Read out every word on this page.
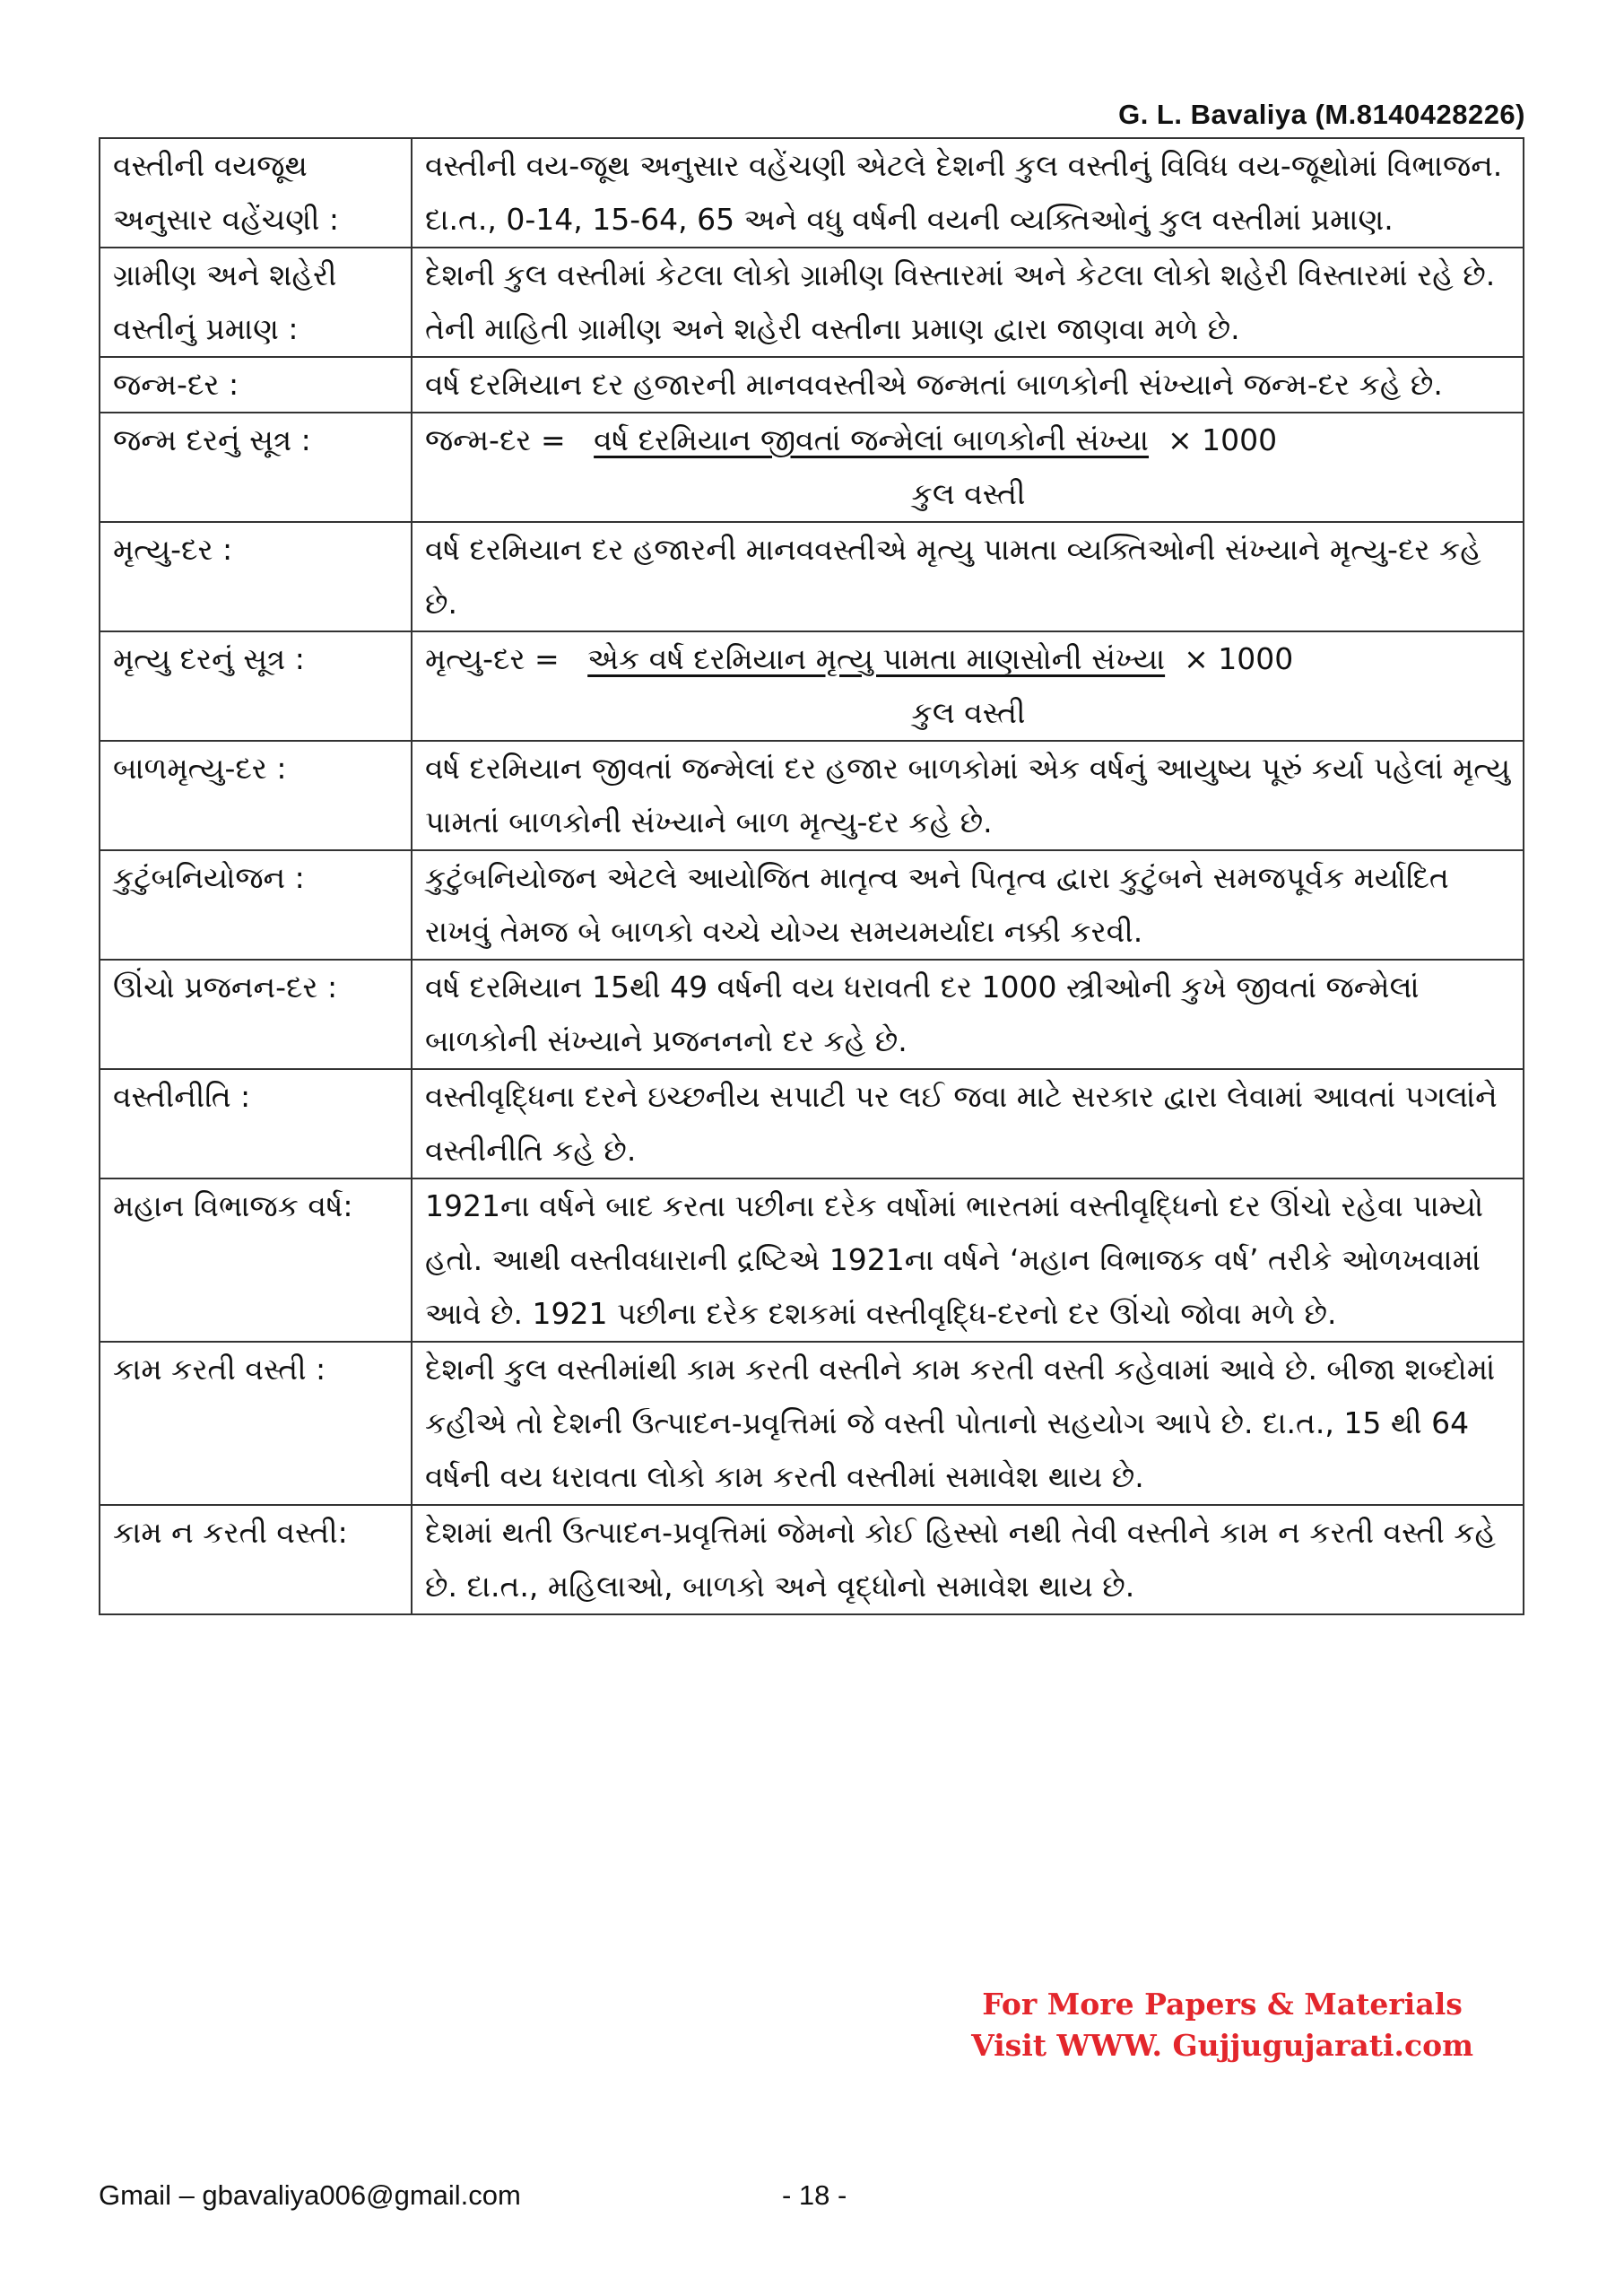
G. L. Bavaliya (M.8140428226)
વસ્તીની વયજૂથ અનુસાર વહેંચણી :	વસ્તીની વય-જૂથ અનુસાર વહેંચણી એટલે દેશની કુલ વસ્તીનું વિવિધ વય-જૂથોમાં વિભાજન. દા.ત., 0-14, 15-64, 65 અને વધુ વર્ષની વયની વ્યક્તિઓનું કુલ વસ્તીમાં પ્રમાણ.
ગ્રામીણ અને શહેરી વસ્તીનું પ્રમાણ :	દેશની કુલ વસ્તીમાં કેટલા લોકો ગ્રામીણ વિસ્તારમાં અને કેટલા લોકો શહેરી વિસ્તારમાં રહે છે. તેની માહિતી ગ્રામીણ અને શહેરી વસ્તીના પ્રમાણ દ્વારા જાણવા મળે છે.
જન્મ-દર :	વર્ષ દરમિયાન દર હજારની માનવવસ્તીએ જન્મતાં બાળકોની સંખ્યાને જન્મ-દર કહે છે.
જન્મ દરનું સૂત્ર :	જન્મ-દર = વર્ષ દરમિયાન જીવતાં જન્મેલાં બાળકોની સંખ્યા × 1000
કુલ વસ્તી

મૃત્યુ-દર :	વર્ષ દરમિયાન દર હજારની માનવવસ્તીએ મૃત્યુ પામતા વ્યક્તિઓની સંખ્યાને મૃત્યુ-દર કહે છે.
મૃત્યુ દરનું સૂત્ર :	મૃત્યુ-દર = એક વર્ષ દરમિયાન મૃત્યુ પામતા માણસોની સંખ્યા × 1000
કુલ વસ્તી

બાળમૃત્યુ-દર :	વર્ષ દરમિયાન જીવતાં જન્મેલાં દર હજાર બાળકોમાં એક વર્ષનું આયુષ્ય પૂરું કર્યા પહેલાં મૃત્યુ પામતાં બાળકોની સંખ્યાને બાળ મૃત્યુ-દર કહે છે.
કુટુંબનિયોજન :	કુટુંબનિયોજન એટલે આયોજિત માતૃત્વ અને પિતૃત્વ દ્વારા કુટુંબને સમજપૂર્વક મર્યાદિત રાખવું તેમજ બે બાળકો વચ્ચે યોગ્ય સમયમર્યાદા નક્કી કરવી.
ઊંચો પ્રજનન-દર :	વર્ષ દરમિયાન 15થી 49 વર્ષની વય ધરાવતી દર 1000 સ્ત્રીઓની કુખે જીવતાં જન્મેલાં બાળકોની સંખ્યાને પ્રજનનનો દર કહે છે.
વસ્તીનીતિ :	વસ્તીવૃદ્ધિના દરને ઇચ્છનીય સપાટી પર લઈ જવા માટે સરકાર દ્વારા લેવામાં આવતાં પગલાંને વસ્તીનીતિ કહે છે.
મહાન વિભાજક વર્ષ:	1921ના વર્ષને બાદ કરતા પછીના દરેક વર્ષોમાં ભારતમાં વસ્તીવૃદ્ધિનો દર ઊંચો રહેવા પામ્યો હતો. આથી વસ્તીવધારાની દ્રષ્ટિએ 1921ના વર્ષને ‘મહાન વિભાજક વર્ષ’ તરીકે ઓળખવામાં આવે છે. 1921 પછીના દરેક દશકમાં વસ્તીવૃદ્ધિ-દરનો દર ઊંચો જોવા મળે છે.
કામ કરતી વસ્તી :	દેશની કુલ વસ્તીમાંથી કામ કરતી વસ્તીને કામ કરતી વસ્તી કહેવામાં આવે છે. બીજા શબ્દોમાં કહીએ તો દેશની ઉત્પાદન-પ્રવૃત્તિમાં જે વસ્તી પોતાનો સહયોગ આપે છે. દા.ત., 15 થી 64 વર્ષની વય ધરાવતા લોકો કામ કરતી વસ્તીમાં સમાવેશ થાય છે.
કામ ન કરતી વસ્તી:	દેશમાં થતી ઉત્પાદન-પ્રવૃત્તિમાં જેમનો કોઈ હિસ્સો નથી તેવી વસ્તીને કામ ન કરતી વસ્તી કહે છે. દા.ત., મહિલાઓ, બાળકો અને વૃદ્ધોનો સમાવેશ થાય છે.
For More Papers & Materials
Visit WWW. Gujjugujarati.com
Gmail – gbavaliya006@gmail.com	- 18 -
